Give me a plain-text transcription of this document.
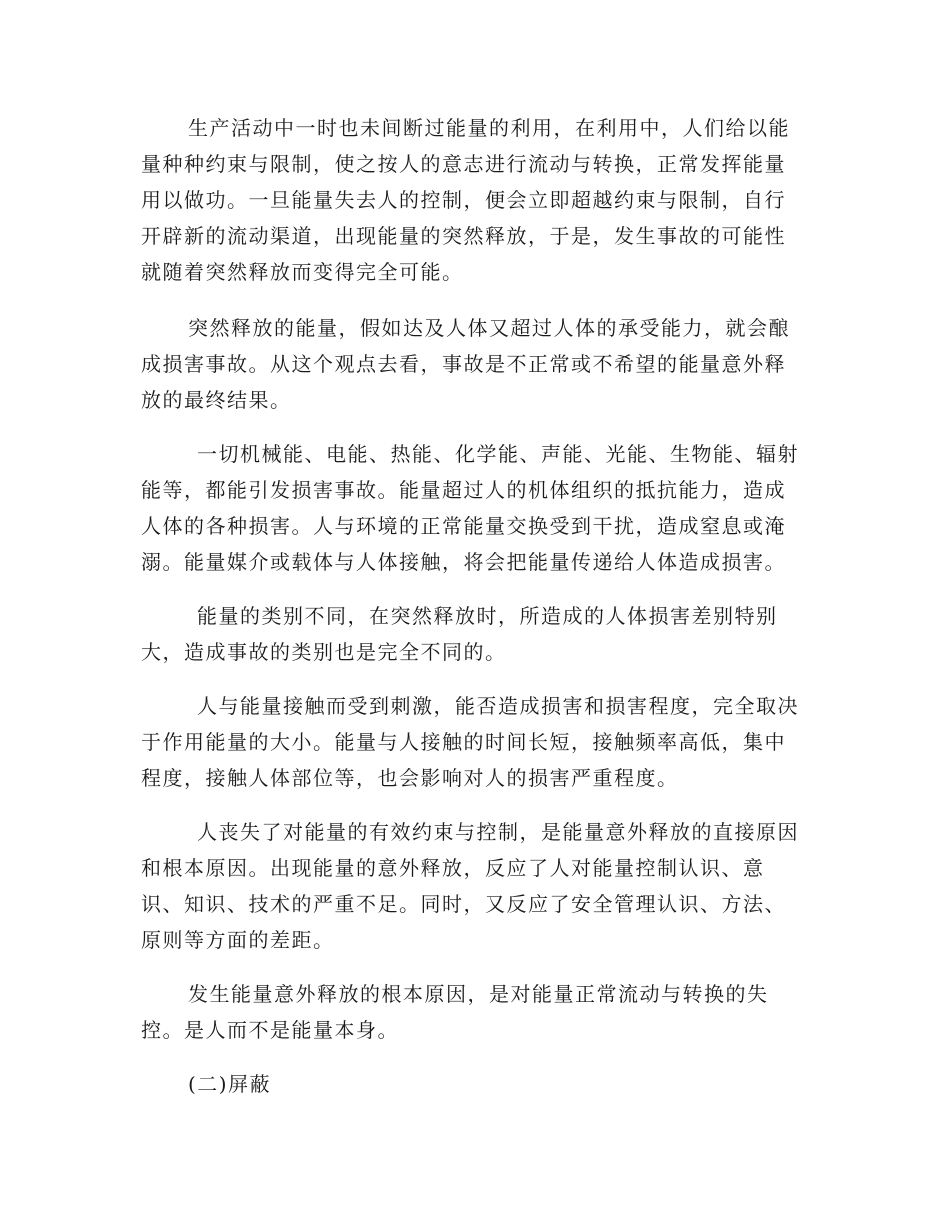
生产活动中一时也未间断过能量的利用，在利用中，人们给以能
量种种约束与限制，使之按人的意志进行流动与转换，正常发挥能量
用以做功。一旦能量失去人的控制，便会立即超越约束与限制，自行
开辟新的流动渠道，出现能量的突然释放，于是，发生事故的可能性
就随着突然释放而变得完全可能。

突然释放的能量，假如达及人体又超过人体的承受能力，就会酿
成损害事故。从这个观点去看，事故是不正常或不希望的能量意外释
放的最终结果。

一切机械能、电能、热能、化学能、声能、光能、生物能、辐射
能等，都能引发损害事故。能量超过人的机体组织的抵抗能力，造成
人体的各种损害。人与环境的正常能量交换受到干扰，造成窒息或淹
溺。能量媒介或载体与人体接触，将会把能量传递给人体造成损害。

能量的类别不同，在突然释放时，所造成的人体损害差别特别
大，造成事故的类别也是完全不同的。

人与能量接触而受到刺激，能否造成损害和损害程度，完全取决
于作用能量的大小。能量与人接触的时间长短，接触频率高低，集中
程度，接触人体部位等，也会影响对人的损害严重程度。

人丧失了对能量的有效约束与控制，是能量意外释放的直接原因
和根本原因。出现能量的意外释放，反应了人对能量控制认识、意
识、知识、技术的严重不足。同时，又反应了安全管理认识、方法、
原则等方面的差距。

发生能量意外释放的根本原因，是对能量正常流动与转换的失
控。是人而不是能量本身。

(二)屏蔽
